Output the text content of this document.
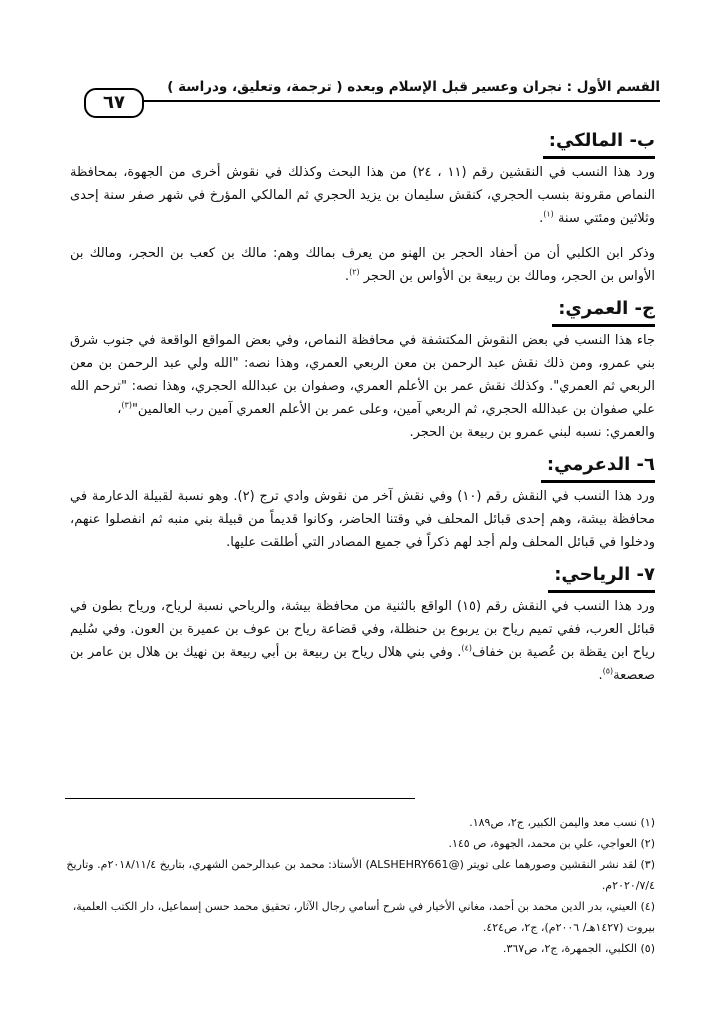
القسم الأول : نجران وعسير قبل الإسلام وبعده ( ترجمة، وتعليق، ودراسة )
٦٧
ب- المالكي:

ورد هذا النسب في النقشين رقم (١١ ، ٢٤) من هذا البحث وكذلك في نقوش أخرى من الجهوة، بمحافظة النماص مقرونة بنسب الحجري، كنقش سليمان بن يزيد الحجري ثم المالكي المؤرخ في شهر صفر سنة إحدى وثلاثين ومئتي سنة $^{(١)}$.

وذكر ابن الكلبي أن من أحفاد الحجر بن الهنو من يعرف بمالك وهم: مالك بن كعب بن الحجر، ومالك بن الأواس بن الحجر، ومالك بن ربيعة بن الأواس بن الحجر $^{(٢)}$.

ج- العمري:

جاء هذا النسب في بعض النقوش المكتشفة في محافظة النماص، وفي بعض المواقع الواقعة في جنوب شرق بني عمرو، ومن ذلك نقش عبد الرحمن بن معن الربعي العمري، وهذا نصه: "الله ولي عبد الرحمن بن معن الربعي ثم العمري". وكذلك نقش عمر بن الأعلم العمري، وصفوان بن عبدالله الحجري، وهذا نصه: "ترحم الله علي صفوان بن عبدالله الحجري، ثم الربعي آمين، وعلى عمر بن الأعلم العمري آمين رب العالمين"$^{(٣)}$،

والعمري: نسبه لبني عمرو بن ربيعة بن الحجر.

٦- الدعرمي:

ورد هذا النسب في النقش رقم (١٠) وفي نقش آخر من نقوش وادي ترج (٢). وهو نسبة لقبيلة الدعارمة في محافظة بيشة، وهم إحدى قبائل المحلف في وقتنا الحاضر، وكانوا قديماً من قبيلة بني منبه ثم انفصلوا عنهم، ودخلوا في قبائل المحلف ولم أجد لهم ذكراً في جميع المصادر التي أطلقت عليها.

٧- الرياحي:

ورد هذا النسب في النقش رقم (١٥) الواقع بالثنية من محافظة بيشة، والرياحي نسبة لرياح، ورياح بطون في قبائل العرب، ففي تميم رياح بن يربوع بن حنظلة، وفي قضاعة رياح بن عوف بن عميرة بن العون. وفي سُليم رياح ابن يقظة بن عُصية بن خفاف$^{(٤)}$. وفي بني هلال رياح بن ربيعة بن أبي ربيعة بن نهيك بن هلال بن عامر بن صعصعة$^{(٥)}$.

(١) نسب معد واليمن الكبير، ج٢، ص١٨٩.

(٢) العواجي، علي بن محمد، الجهوة، ص ١٤٥.

(٣) لقد نشر النقشين وصورهما على تويتر (@ALSHEHRY661) الأستاذ: محمد بن عبدالرحمن الشهري، بتاريخ ٢٠١٨/١١/٤م. وتاريخ ٢٠٢٠/٧/٤م.

(٤) العيني، بدر الدين محمد بن أحمد، مغاني الأخيار في شرح أسامي رجال الآثار، تحقيق محمد حسن إسماعيل، دار الكتب العلمية، بيروت (١٤٢٧هـ/ ٢٠٠٦م)، ج٢، ص٤٢٤.

(٥) الكلبي، الجمهرة، ج٢، ص٣٦٧.
